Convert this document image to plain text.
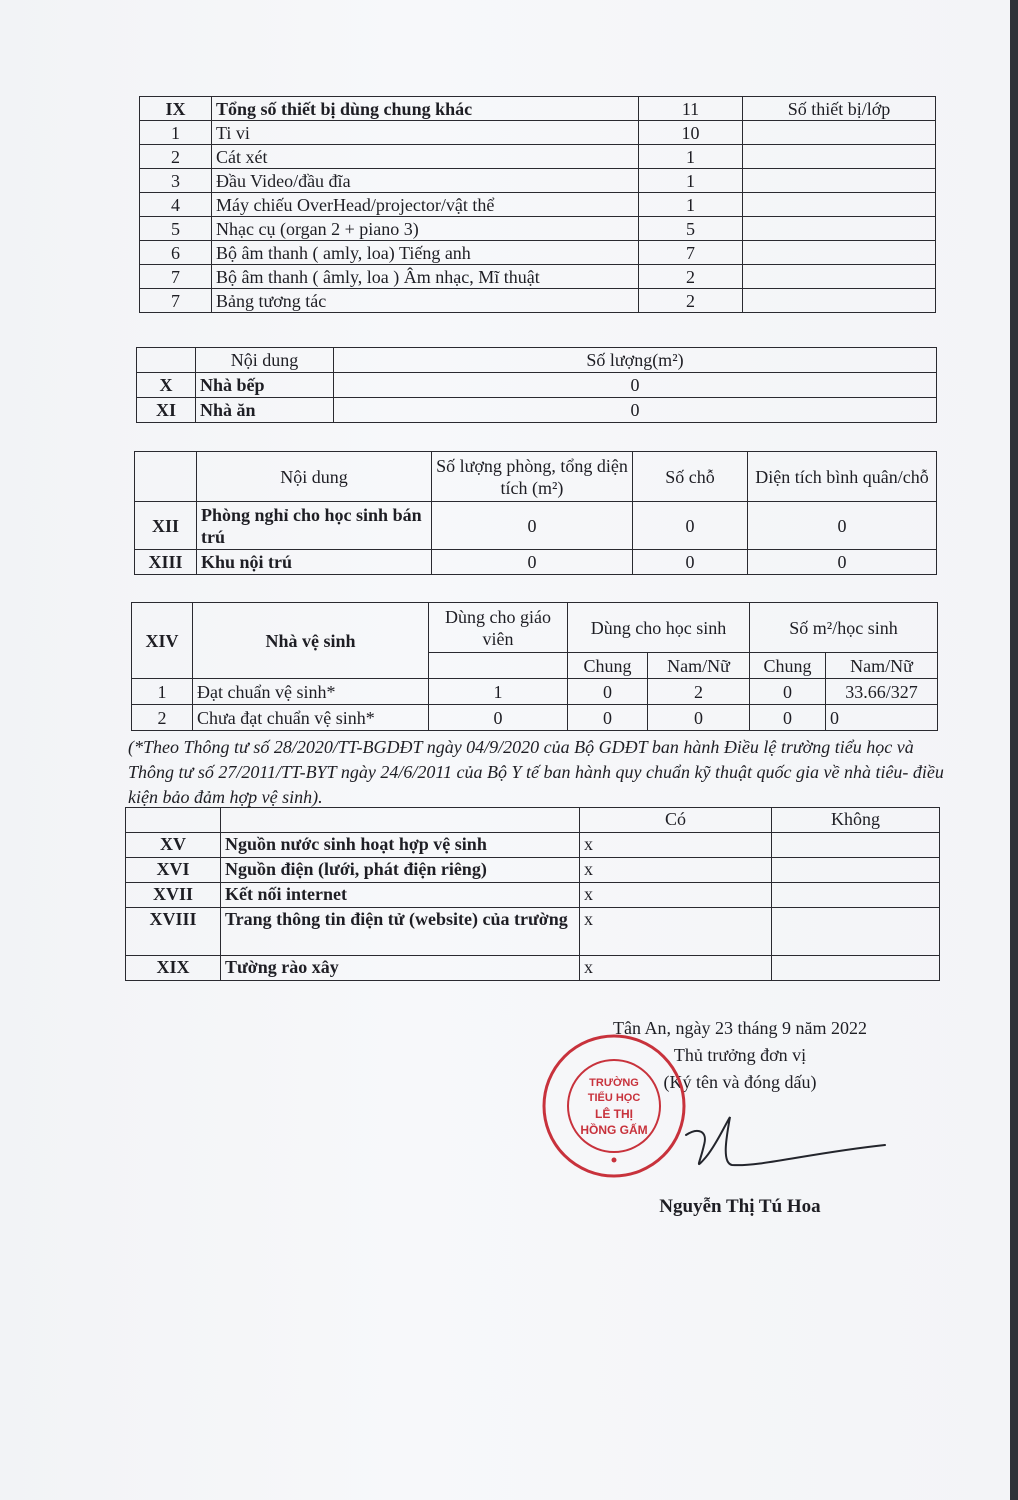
IX	Tổng số thiết bị dùng chung khác	11	Số thiết bị/lớp
1	Ti vi	10	
2	Cát xét	1	
3	Đầu Video/đầu đĩa	1	
4	Máy chiếu OverHead/projector/vật thể	1	
5	Nhạc cụ (organ 2 + piano 3)	5	
6	Bộ âm thanh ( amly, loa) Tiếng anh	7	
7	Bộ âm thanh ( âmly, loa ) Âm nhạc, Mĩ thuật	2	
7	Bảng tương tác	2	
	Nội dung	Số lượng(m²)
X	Nhà bếp	0
XI	Nhà ăn	0
	Nội dung	Số lượng phòng, tổng diện tích (m²)	Số chỗ	Diện tích bình quân/chỗ
XII	Phòng nghỉ cho học sinh bán trú	0	0	0
XIII	Khu nội trú	0	0	0
XIV	Nhà vệ sinh	Dùng cho giáo viên	Dùng cho học sinh		Số m²/học sinh	
			Chung	Nam/Nữ	Chung	Nam/Nữ
1	Đạt chuẩn vệ sinh*	1	0	2	0	33.66/327
2	Chưa đạt chuẩn vệ sinh*	0	0	0	0	0
(*Theo Thông tư số 28/2020/TT-BGDĐT ngày 04/9/2020 của Bộ GDĐT ban hành Điều lệ trường tiểu học và Thông tư số 27/2011/TT-BYT ngày 24/6/2011 của Bộ Y tế ban hành quy chuẩn kỹ thuật quốc gia về nhà tiêu- điều kiện bảo đảm hợp vệ sinh).
		Có	Không
XV	Nguồn nước sinh hoạt hợp vệ sinh	x	
XVI	Nguồn điện (lưới, phát điện riêng)	x	
XVII	Kết nối internet	x	
XVIII	Trang thông tin điện tử (website) của trường	x	
XIX	Tường rào xây	x	
Tân An, ngày 23 tháng 9 năm 2022
Thủ trưởng đơn vị
(Ký tên và đóng dấu)
TRƯỜNG
TIỂU HỌC
LÊ THỊ
HỒNG GẤM
Nguyễn Thị Tú Hoa
